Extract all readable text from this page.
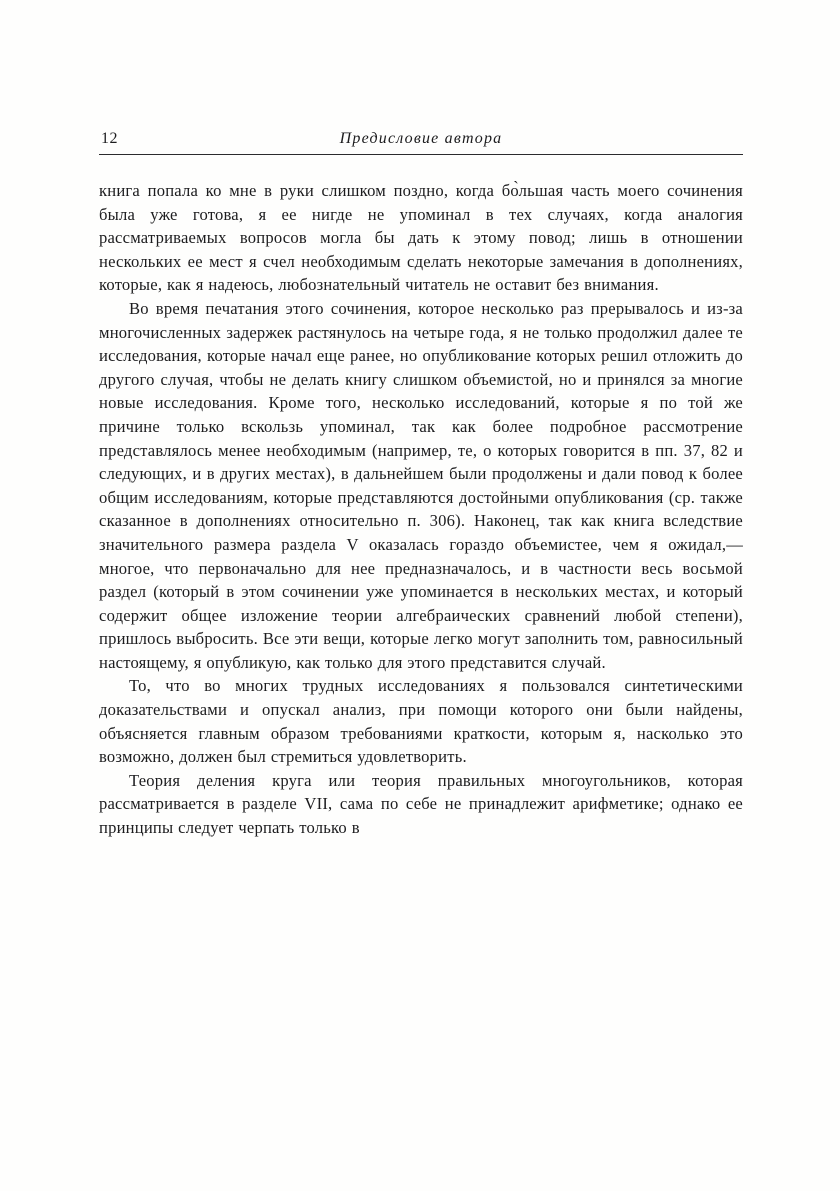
12	Предисловие автора

книга попала ко мне в руки слишком поздно, когда бо̀льшая часть моего сочинения была уже готова, я ее нигде не упоминал в тех случаях, когда аналогия рассматриваемых вопросов могла бы дать к этому повод; лишь в отношении нескольких ее мест я счел необходимым сделать некоторые замечания в дополнениях, которые, как я надеюсь, любознательный читатель не оставит без внимания.

Во время печатания этого сочинения, которое несколько раз прерывалось и из-за многочисленных задержек растянулось на четыре года, я не только продолжил далее те исследования, которые начал еще ранее, но опубликование которых решил отложить до другого случая, чтобы не делать книгу слишком объемистой, но и принялся за многие новые исследования. Кроме того, несколько исследований, которые я по той же причине только вскользь упоминал, так как более подробное рассмотрение представлялось менее необходимым (например, те, о которых говорится в пп. 37, 82 и следующих, и в других местах), в дальнейшем были продолжены и дали повод к более общим исследованиям, которые представляются достойными опубликования (ср. также сказанное в дополнениях относительно п. 306). Наконец, так как книга вследствие значительного размера раздела V оказалась гораздо объемистее, чем я ожидал,— многое, что первоначально для нее предназначалось, и в частности весь восьмой раздел (который в этом сочинении уже упоминается в нескольких местах, и который содержит общее изложение теории алгебраических сравнений любой степени), пришлось выбросить. Все эти вещи, которые легко могут заполнить том, равносильный настоящему, я опубликую, как только для этого представится случай.

То, что во многих трудных исследованиях я пользовался синтетическими доказательствами и опускал анализ, при помощи которого они были найдены, объясняется главным образом требованиями краткости, которым я, насколько это возможно, должен был стремиться удовлетворить.

Теория деления круга или теория правильных многоугольников, которая рассматривается в разделе VII, сама по себе не принадлежит арифметике; однако ее принципы следует черпать только в
